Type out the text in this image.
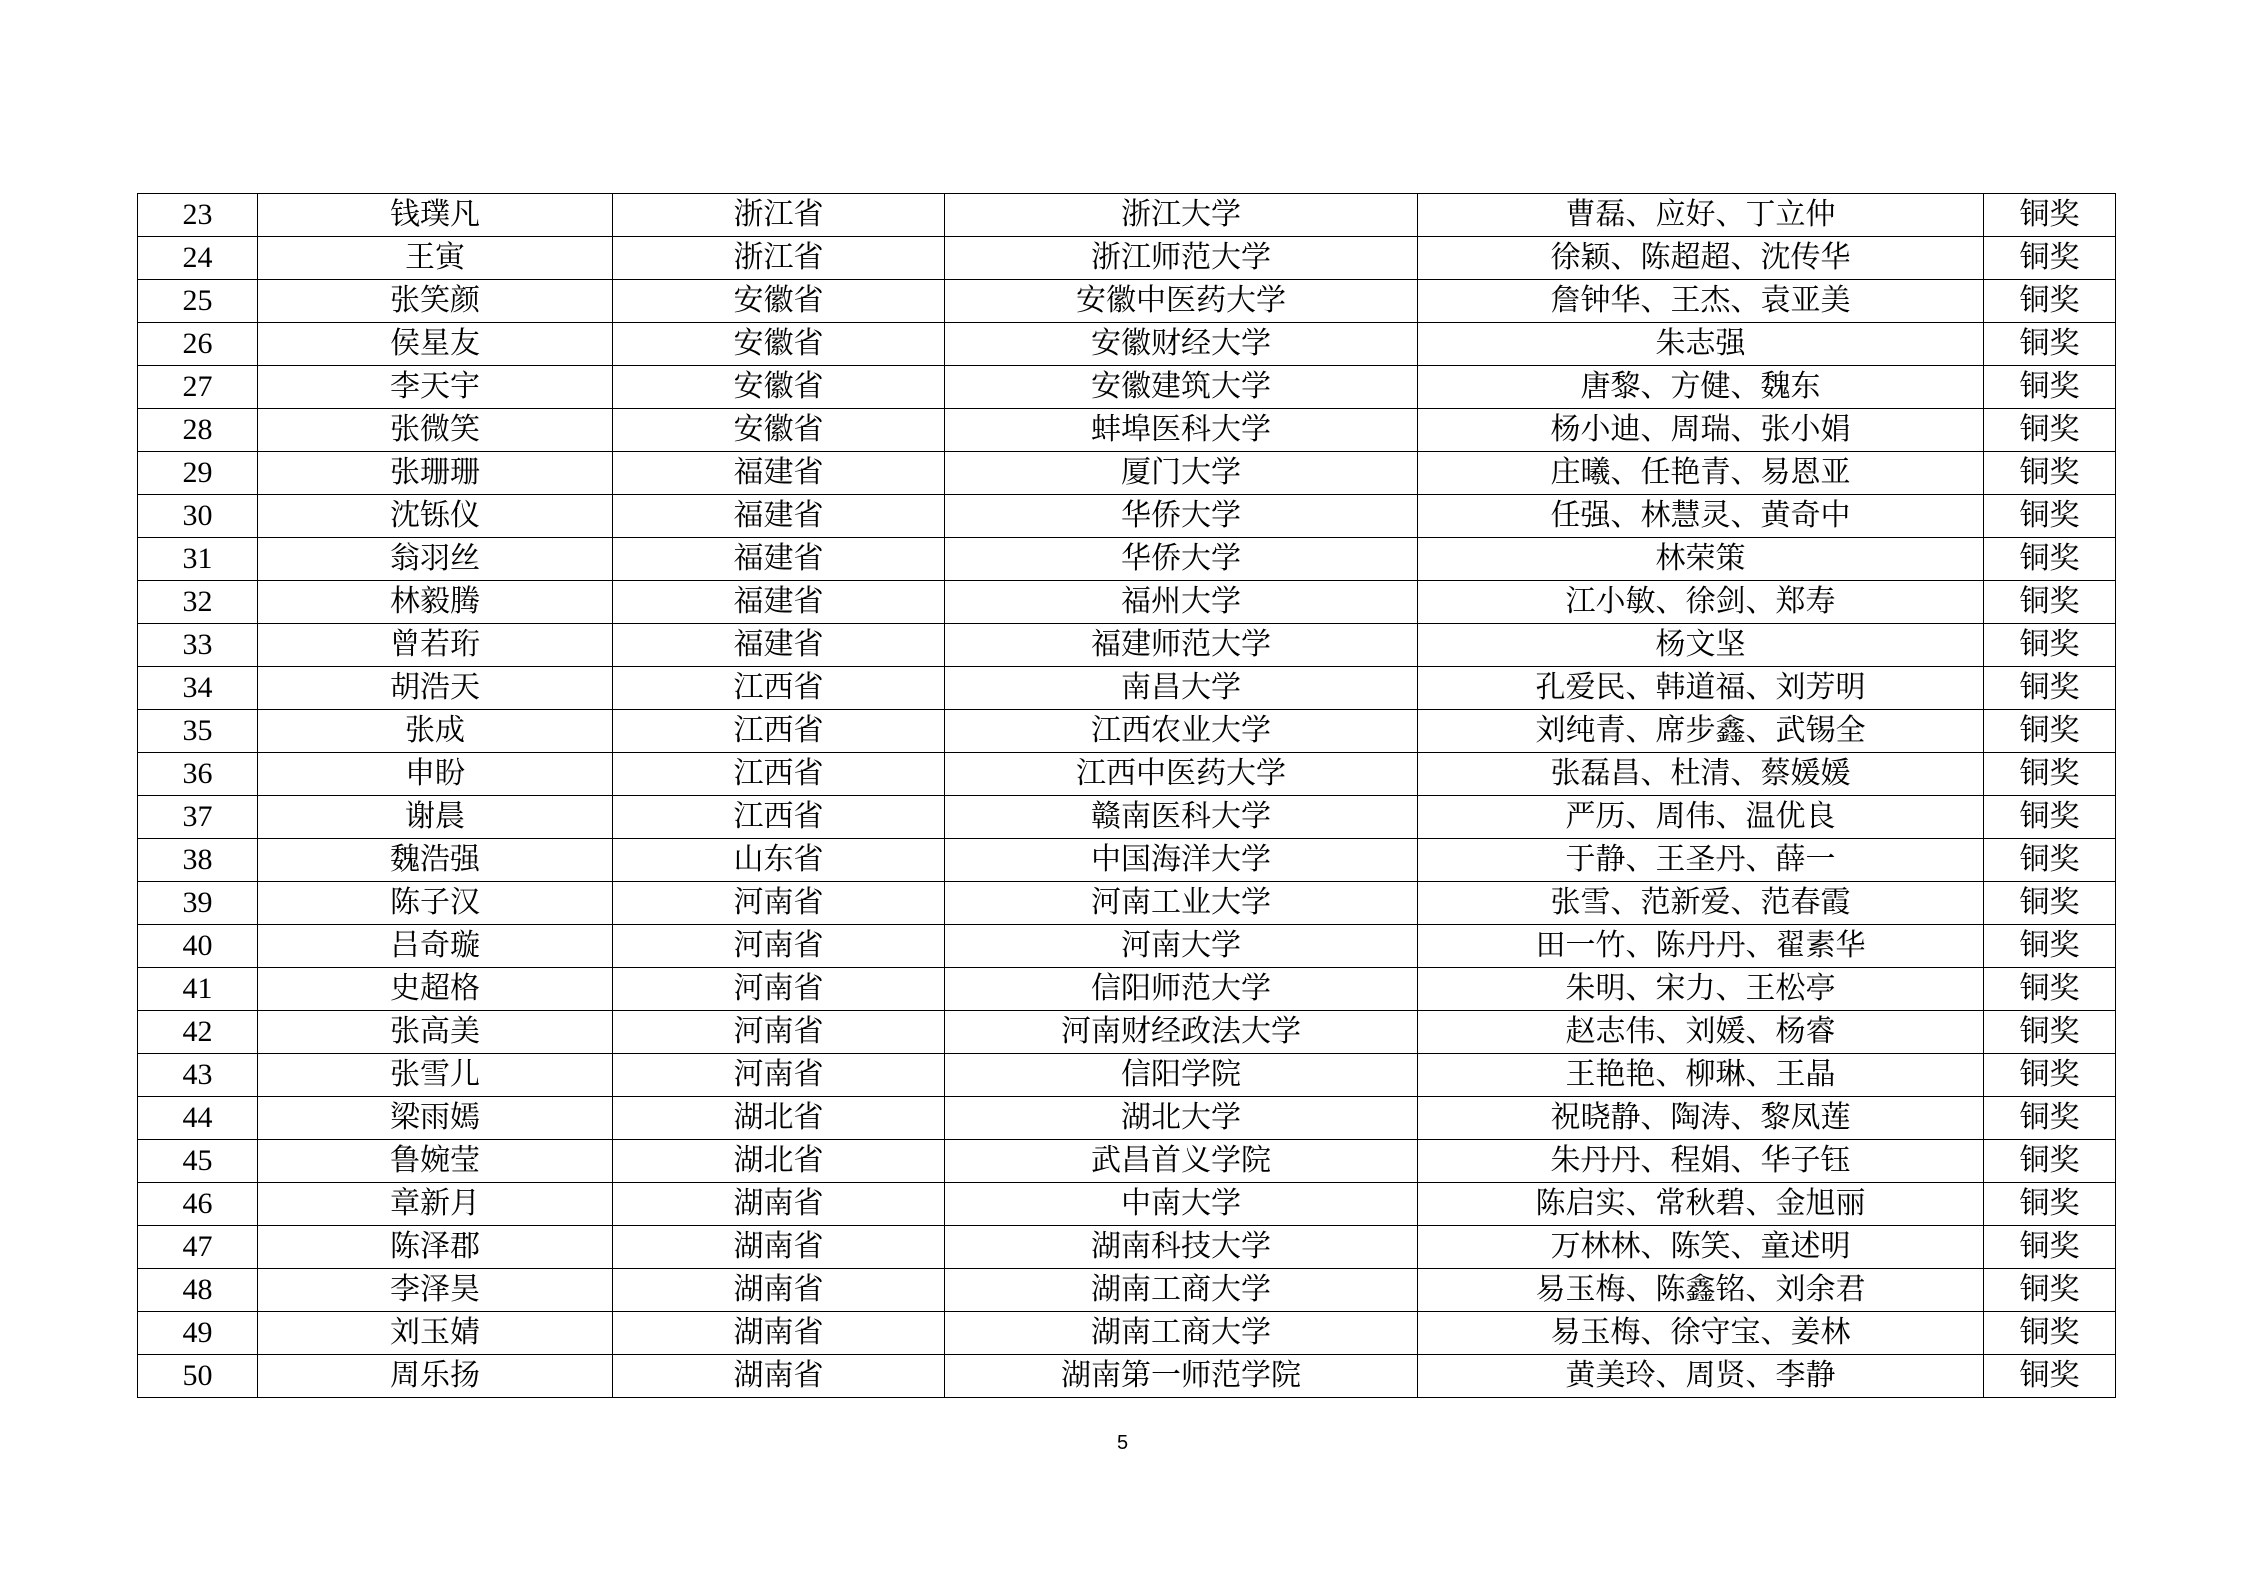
23	钱璞凡	浙江省	浙江大学	曹磊、应好、丁立仲	铜奖
24	王寅	浙江省	浙江师范大学	徐颖、陈超超、沈传华	铜奖
25	张笑颜	安徽省	安徽中医药大学	詹钟华、王杰、袁亚美	铜奖
26	侯星友	安徽省	安徽财经大学	朱志强	铜奖
27	李天宇	安徽省	安徽建筑大学	唐黎、方健、魏东	铜奖
28	张微笑	安徽省	蚌埠医科大学	杨小迪、周瑞、张小娟	铜奖
29	张珊珊	福建省	厦门大学	庄曦、任艳青、易恩亚	铜奖
30	沈铄仪	福建省	华侨大学	任强、林慧灵、黄奇中	铜奖
31	翁羽丝	福建省	华侨大学	林荣策	铜奖
32	林毅腾	福建省	福州大学	江小敏、徐剑、郑寿	铜奖
33	曾若珩	福建省	福建师范大学	杨文坚	铜奖
34	胡浩天	江西省	南昌大学	孔爱民、韩道福、刘芳明	铜奖
35	张成	江西省	江西农业大学	刘纯青、席步鑫、武锡全	铜奖
36	申盼	江西省	江西中医药大学	张磊昌、杜清、蔡媛媛	铜奖
37	谢晨	江西省	赣南医科大学	严历、周伟、温优良	铜奖
38	魏浩强	山东省	中国海洋大学	于静、王圣丹、薛一	铜奖
39	陈子汉	河南省	河南工业大学	张雪、范新爱、范春霞	铜奖
40	吕奇璇	河南省	河南大学	田一竹、陈丹丹、翟素华	铜奖
41	史超格	河南省	信阳师范大学	朱明、宋力、王松亭	铜奖
42	张高美	河南省	河南财经政法大学	赵志伟、刘媛、杨睿	铜奖
43	张雪儿	河南省	信阳学院	王艳艳、柳琳、王晶	铜奖
44	梁雨嫣	湖北省	湖北大学	祝晓静、陶涛、黎凤莲	铜奖
45	鲁婉莹	湖北省	武昌首义学院	朱丹丹、程娟、华子钰	铜奖
46	章新月	湖南省	中南大学	陈启实、常秋碧、金旭丽	铜奖
47	陈泽郡	湖南省	湖南科技大学	万林林、陈笑、童述明	铜奖
48	李泽昊	湖南省	湖南工商大学	易玉梅、陈鑫铭、刘余君	铜奖
49	刘玉婧	湖南省	湖南工商大学	易玉梅、徐守宝、姜林	铜奖
50	周乐扬	湖南省	湖南第一师范学院	黄美玲、周贤、李静	铜奖
5
